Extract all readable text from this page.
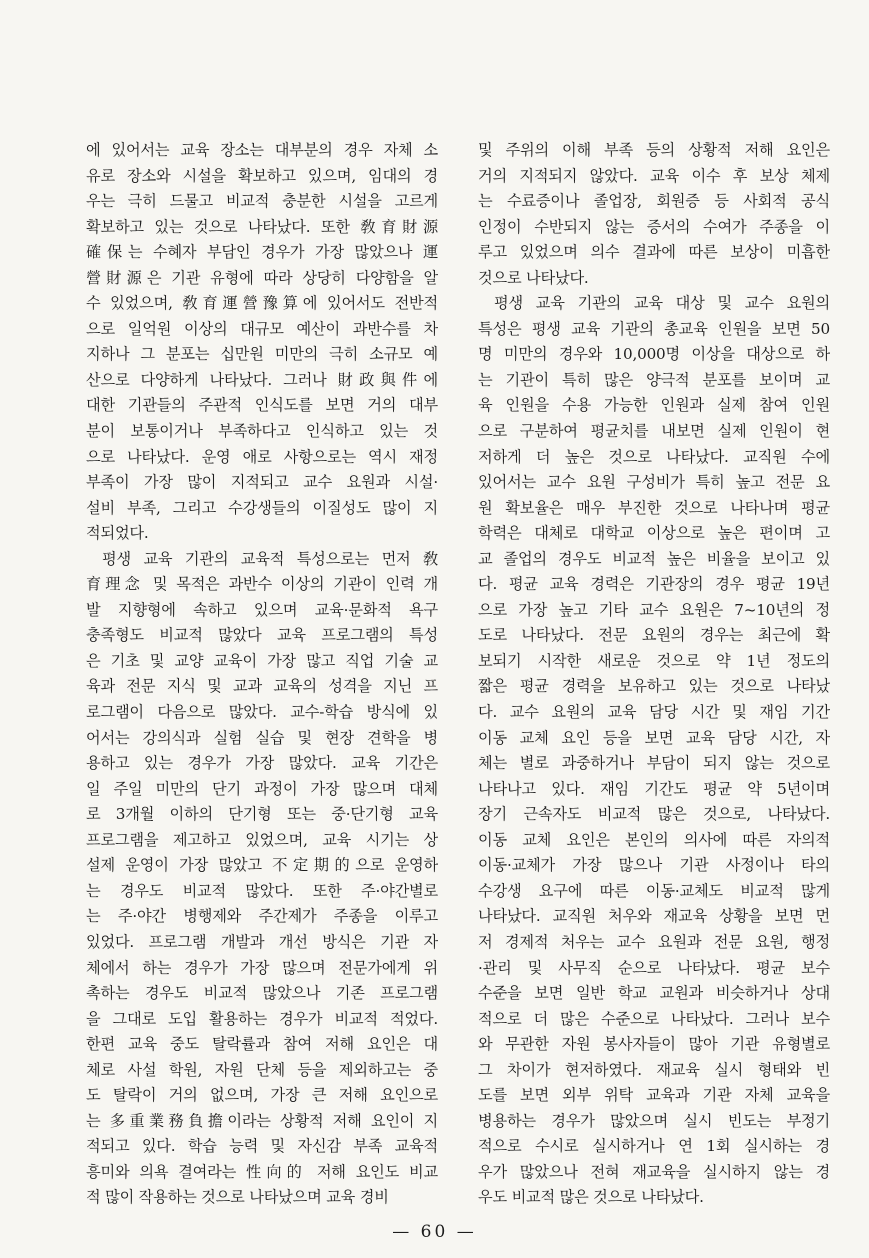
에 있어서는 교육 장소는 대부분의 경우 자체 소
유로 장소와 시설을 확보하고 있으며, 임대의 경
우는 극히 드물고 비교적 충분한 시설을 고르게
확보하고 있는 것으로 나타났다. 또한 敎育財源
確保는 수혜자 부담인 경우가 가장 많았으나 運
營財源은 기관 유형에 따라 상당히 다양함을 알
수 있었으며, 敎育運營豫算에 있어서도 전반적
으로 일억원 이상의 대규모 예산이 과반수를 차
지하나 그 분포는 십만원 미만의 극히 소규모 예
산으로 다양하게 나타났다. 그러나 財政與件에
대한 기관들의 주관적 인식도를 보면 거의 대부
분이 보통이거나 부족하다고 인식하고 있는 것
으로 나타났다. 운영 애로 사항으로는 역시 재정
부족이 가장 많이 지적되고 교수 요원과 시설·
설비 부족, 그리고 수강생들의 이질성도 많이 지
적되었다.
평생 교육 기관의 교육적 특성으로는 먼저 敎
育理念 및 목적은 과반수 이상의 기관이 인력 개
발 지향형에 속하고 있으며 교육·문화적 욕구
충족형도 비교적 많았다 교육 프로그램의 특성
은 기초 및 교양 교육이 가장 많고 직업 기술 교
육과 전문 지식 및 교과 교육의 성격을 지닌 프
로그램이 다음으로 많았다. 교수-학습 방식에 있
어서는 강의식과 실험 실습 및 현장 견학을 병
용하고 있는 경우가 가장 많았다. 교육 기간은
일 주일 미만의 단기 과정이 가장 많으며 대체
로 3개월 이하의 단기형 또는 중·단기형 교육
프로그램을 제고하고 있었으며, 교육 시기는 상
설제 운영이 가장 많았고 不定期的으로 운영하
는 경우도 비교적 많았다. 또한 주·야간별로
는 주·야간 병행제와 주간제가 주종을 이루고
있었다. 프로그램 개발과 개선 방식은 기관 자
체에서 하는 경우가 가장 많으며 전문가에게 위
촉하는 경우도 비교적 많았으나 기존 프로그램
을 그대로 도입 활용하는 경우가 비교적 적었다.
한편 교육 중도 탈락률과 참여 저해 요인은 대
체로 사설 학원, 자원 단체 등을 제외하고는 중
도 탈락이 거의 없으며, 가장 큰 저해 요인으로
는 多重業務負擔이라는 상황적 저해 요인이 지
적되고 있다. 학습 능력 및 자신감 부족 교육적
흥미와 의욕 결여라는 性向的 저해 요인도 비교
적 많이 작용하는 것으로 나타났으며 교육 경비
및 주위의 이해 부족 등의 상황적 저해 요인은
거의 지적되지 않았다. 교육 이수 후 보상 체제
는 수료증이나 졸업장, 회원증 등 사회적 공식
인정이 수반되지 않는 증서의 수여가 주종을 이
루고 있었으며 의수 결과에 따른 보상이 미흡한
것으로 나타났다.
평생 교육 기관의 교육 대상 및 교수 요원의
특성은 평생 교육 기관의 총교육 인원을 보면 50
명 미만의 경우와 10,000명 이상을 대상으로 하
는 기관이 특히 많은 양극적 분포를 보이며 교
육 인원을 수용 가능한 인원과 실제 참여 인원
으로 구분하여 평균치를 내보면 실제 인원이 현
저하게 더 높은 것으로 나타났다. 교직원 수에
있어서는 교수 요원 구성비가 특히 높고 전문 요
원 확보율은 매우 부진한 것으로 나타나며 평균
학력은 대체로 대학교 이상으로 높은 편이며 고
교 졸업의 경우도 비교적 높은 비율을 보이고 있
다. 평균 교육 경력은 기관장의 경우 평균 19년
으로 가장 높고 기타 교수 요원은 7~10년의 정
도로 나타났다. 전문 요원의 경우는 최근에 확
보되기 시작한 새로운 것으로 약 1년 정도의
짧은 평균 경력을 보유하고 있는 것으로 나타났
다. 교수 요원의 교육 담당 시간 및 재임 기간
이동 교체 요인 등을 보면 교육 담당 시간, 자
체는 별로 과중하거나 부담이 되지 않는 것으로
나타나고 있다. 재임 기간도 평균 약 5년이며
장기 근속자도 비교적 많은 것으로, 나타났다.
이동 교체 요인은 본인의 의사에 따른 자의적
이동·교체가 가장 많으나 기관 사정이나 타의
수강생 요구에 따른 이동·교체도 비교적 많게
나타났다. 교직원 처우와 재교육 상황을 보면 먼
저 경제적 처우는 교수 요원과 전문 요원, 행정
·관리 및 사무직 순으로 나타났다. 평균 보수
수준을 보면 일반 학교 교원과 비슷하거나 상대
적으로 더 많은 수준으로 나타났다. 그러나 보수
와 무관한 자원 봉사자들이 많아 기관 유형별로
그 차이가 현저하였다. 재교육 실시 형태와 빈
도를 보면 외부 위탁 교육과 기관 자체 교육을
병용하는 경우가 많았으며 실시 빈도는 부정기
적으로 수시로 실시하거나 연 1회 실시하는 경
우가 많았으나 전혀 재교육을 실시하지 않는 경
우도 비교적 많은 것으로 나타났다.
— 60 —
